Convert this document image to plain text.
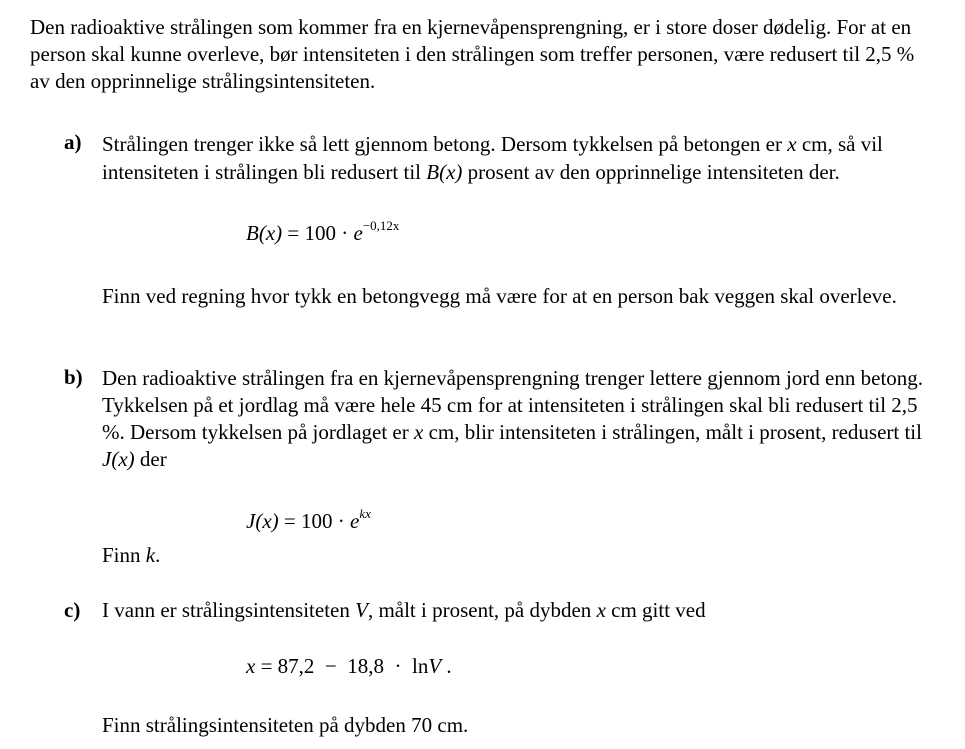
Den radioaktive strålingen som kommer fra en kjernevåpensprengning, er i store doser dødelig. For at en person skal kunne overleve, bør intensiteten i den strålingen som treffer personen, være redusert til 2,5 % av den opprinnelige strålingsintensiteten.
a) Strålingen trenger ikke så lett gjennom betong. Dersom tykkelsen på betongen er x cm, så vil intensiteten i strålingen bli redusert til B(x) prosent av den opprinnelige intensiteten der.
$B(x) = 100 \cdot e^{-0,12x}$
Finn ved regning hvor tykk en betongvegg må være for at en person bak veggen skal overleve.
b) Den radioaktive strålingen fra en kjernevåpensprengning trenger lettere gjennom jord enn betong. Tykkelsen på et jordlag må være hele 45 cm for at intensiteten i strålingen skal bli redusert til 2,5 %. Dersom tykkelsen på jordlaget er x cm, blir intensiteten i strålingen, målt i prosent, redusert til J(x) der
$J(x) = 100 \cdot e^{kx}$
Finn k.
c) I vann er strålingsintensiteten V, målt i prosent, på dybden x cm gitt ved
x = 87,2  −  18,8  ·  lnV .
Finn strålingsintensiteten på dybden 70 cm.
